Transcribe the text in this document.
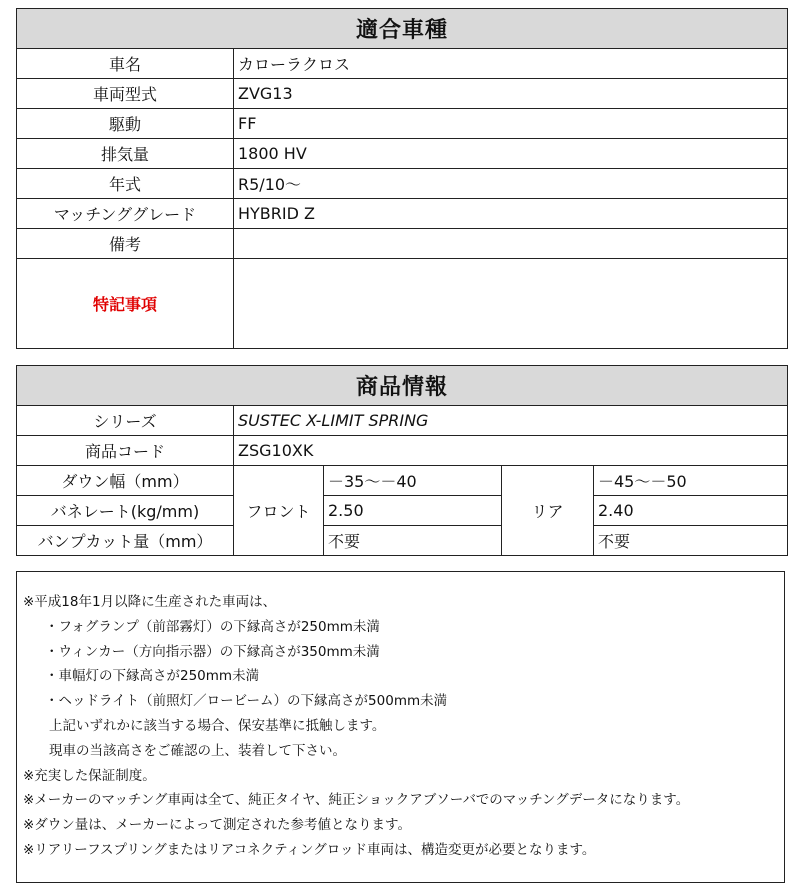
適合車種	
車名	カローラクロス
車両型式	ZVG13
駆動	FF
排気量	1800 HV
年式	R5/10～
マッチンググレード	HYBRID Z
備考	
特記事項	
商品情報				
シリーズ	SUSTEC X-LIMIT SPRING			
商品コード	ZSG10XK			
ダウン幅（mm）	フロント	－35～－40	リア	－45～－50
バネレート(kg/mm)		2.50		2.40
バンプカット量（mm）		不要		不要
※平成18年1月以降に生産された車両は、
・フォグランプ（前部霧灯）の下縁高さが250mm未満
・ウィンカー（方向指示器）の下縁高さが350mm未満
・車幅灯の下縁高さが250mm未満
・ヘッドライト（前照灯／ロービーム）の下縁高さが500mm未満
上記いずれかに該当する場合、保安基準に抵触します。
現車の当該高さをご確認の上、装着して下さい。
※充実した保証制度。
※メーカーのマッチング車両は全て、純正タイヤ、純正ショックアブソーバでのマッチングデータになります。
※ダウン量は、メーカーによって測定された参考値となります。
※リアリーフスプリングまたはリアコネクティングロッド車両は、構造変更が必要となります。
